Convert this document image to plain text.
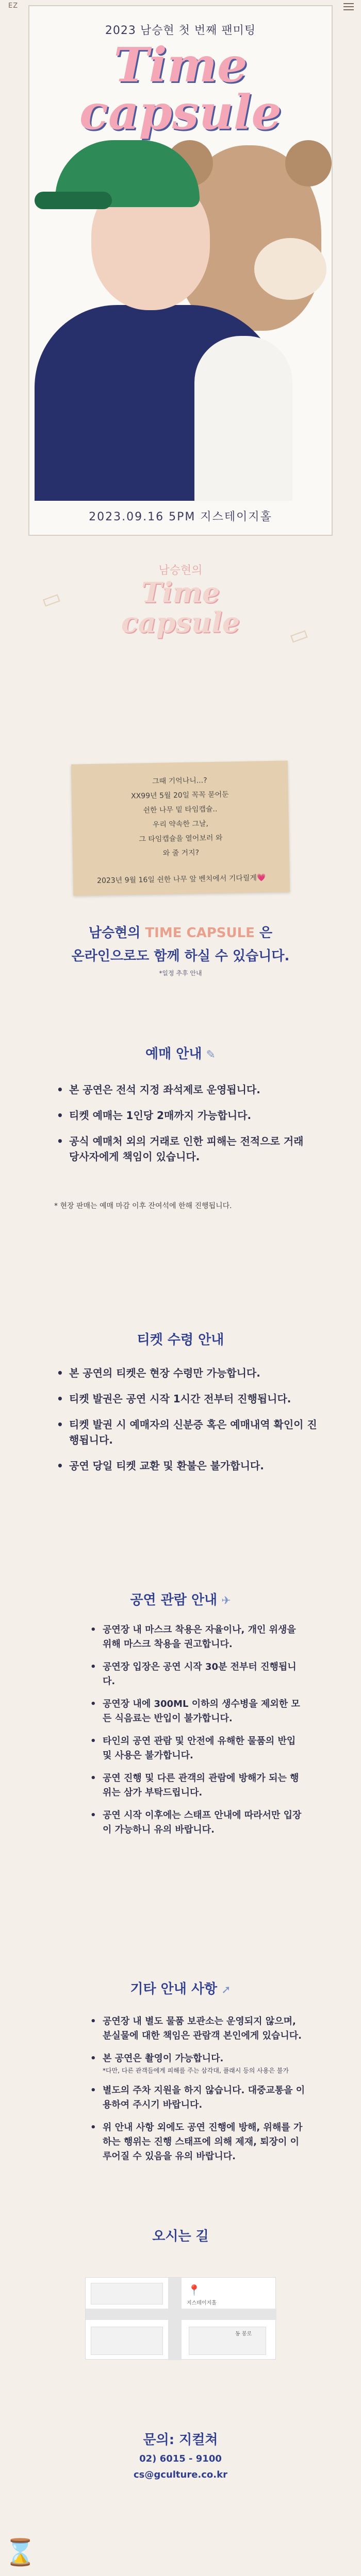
EZ
2023 남승현 첫 번째 팬미팅
Time
capsule
2023.09.16 5PM 지스테이지홀
▭
▭
남승현의
Time
capsule
그때 기억나니...?
XX99년 5월 20일 꼭꼭 묻어둔
쉰한 나무 밑 타임캡슐..
우리 약속한 그날,
그 타임캡슐을 열어보러 와
와 줄 거지?
2023년 9월 16일 쉰한 나무 앞 벤치에서 기다릴게💗
남승현의 TIME CAPSULE 은
온라인으로도 함께 하실 수 있습니다.
*일정 추후 안내
예매 안내 ✎
• 본 공연은 전석 지정 좌석제로 운영됩니다.
• 티켓 예매는 1인당 2매까지 가능합니다.
• 공식 예매처 외의 거래로 인한 피해는 전적으로 거래 당사자에게 책임이 있습니다.
* 현장 판매는 예매 마감 이후 잔여석에 한해 진행됩니다.
티켓 수령 안내
• 본 공연의 티켓은 현장 수령만 가능합니다.
• 티켓 발권은 공연 시작 1시간 전부터 진행됩니다.
• 티켓 발권 시 예매자의 신분증 혹은 예매내역 확인이 진행됩니다.
• 공연 당일 티켓 교환 및 환불은 불가합니다.
공연 관람 안내 ✈
• 공연장 내 마스크 착용은 자율이나, 개인 위생을 위해 마스크 착용을 권고합니다.
• 공연장 입장은 공연 시작 30분 전부터 진행됩니다.
• 공연장 내에 300ML 이하의 생수병을 제외한 모든 식음료는 반입이 불가합니다.
• 타인의 공연 관람 및 안전에 유해한 물품의 반입 및 사용은 불가합니다.
• 공연 진행 및 다른 관객의 관람에 방해가 되는 행위는 삼가 부탁드립니다.
• 공연 시작 이후에는 스태프 안내에 따라서만 입장이 가능하니 유의 바랍니다.
기타 안내 사항 ➚
• 공연장 내 별도 물품 보관소는 운영되지 않으며, 분실물에 대한 책임은 관람객 본인에게 있습니다.
• 본 공연은 촬영이 가능합니다.
*다만, 다른 관객들에게 피해를 주는 삼각대, 플래시 등의 사용은 불가
• 별도의 주차 지원을 하지 않습니다. 대중교통을 이용하여 주시기 바랍니다.
• 위 안내 사항 외에도 공연 진행에 방해, 위해를 가하는 행위는 진행 스태프에 의해 제재, 퇴장이 이루어질 수 있음을 유의 바랍니다.
오시는 길
📍
지스테이지홀
동 봉로
문의: 지컬쳐
02) 6015 - 9100
cs@gculture.co.kr
⌛
